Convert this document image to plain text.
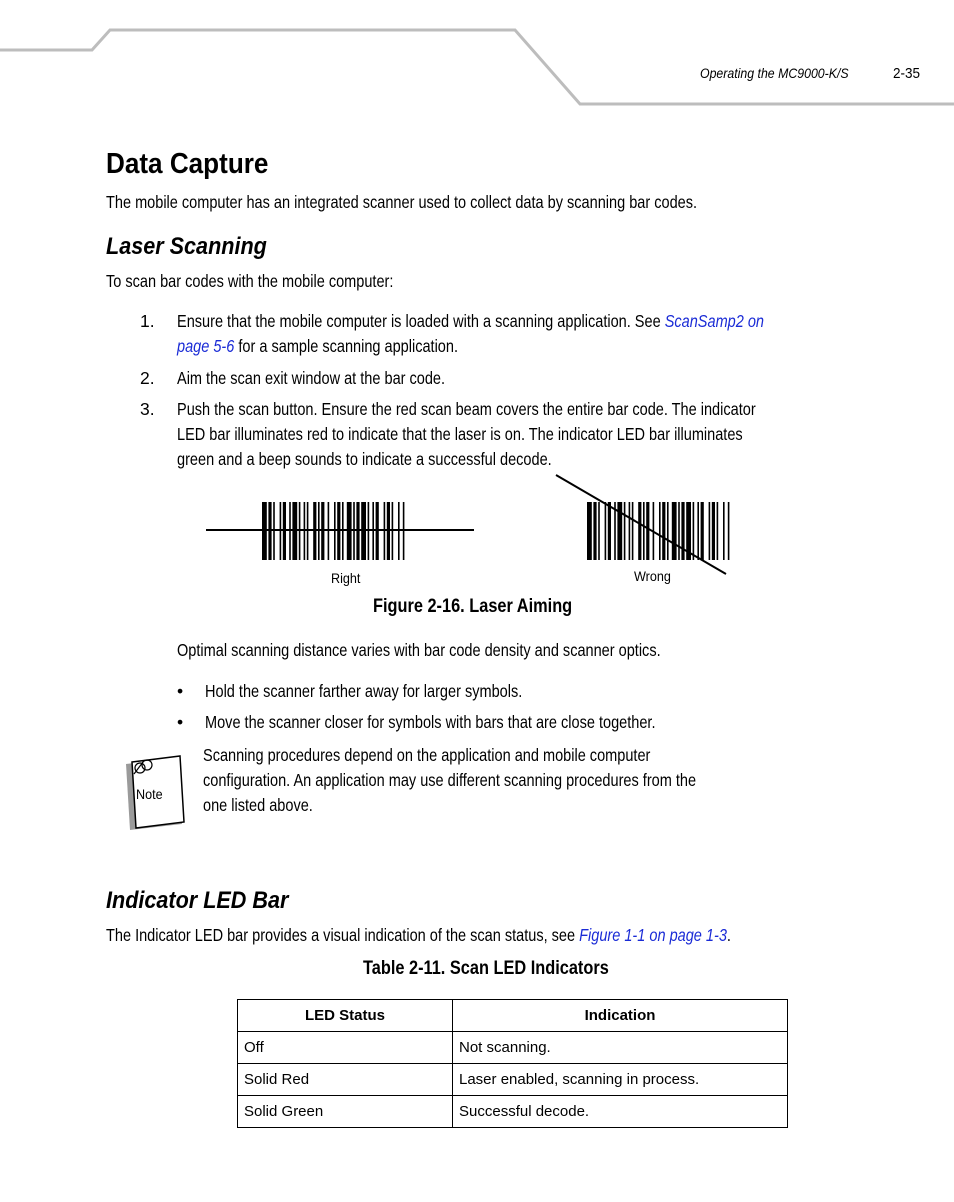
Operating the MC9000-K/S	2-35
Data Capture
The mobile computer has an integrated scanner used to collect data by scanning bar codes.
Laser Scanning
To scan bar codes with the mobile computer:
1. Ensure that the mobile computer is loaded with a scanning application. See ScanSamp2 on
page 5-6 for a sample scanning application.
2. Aim the scan exit window at the bar code.
3. Push the scan button. Ensure the red scan beam covers the entire bar code. The indicator
LED bar illuminates red to indicate that the laser is on. The indicator LED bar illuminates
green and a beep sounds to indicate a successful decode.
Right	Wrong
Figure 2-16. Laser Aiming
Optimal scanning distance varies with bar code density and scanner optics.
• Hold the scanner farther away for larger symbols.
• Move the scanner closer for symbols with bars that are close together.
Note
Scanning procedures depend on the application and mobile computer
configuration. An application may use different scanning procedures from the
one listed above.
Indicator LED Bar
The Indicator LED bar provides a visual indication of the scan status, see Figure 1-1 on page 1-3.
Table 2-11. Scan LED Indicators
LED Status	Indication
Off	Not scanning.
Solid Red	Laser enabled, scanning in process.
Solid Green	Successful decode.
